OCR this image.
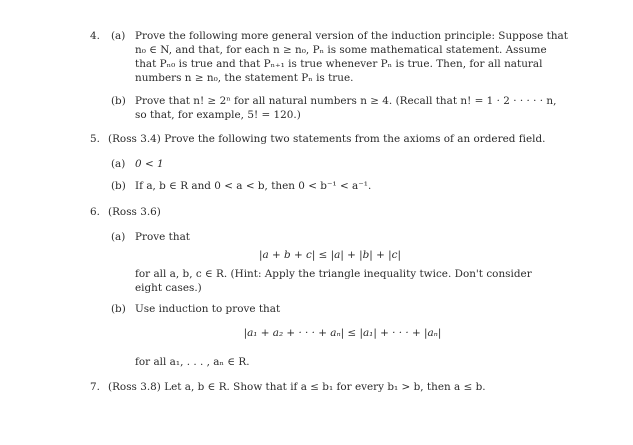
4. (a) Prove the following more general version of the induction principle: Suppose that
n₀ ∈ N, and that, for each n ≥ n₀, Pₙ is some mathematical statement. Assume
that Pₙ₀ is true and that Pₙ₊₁ is true whenever Pₙ is true. Then, for all natural
numbers n ≥ n₀, the statement Pₙ is true.
(b) Prove that n! ≥ 2ⁿ for all natural numbers n ≥ 4. (Recall that n! = 1 · 2 · · · · · n,
so that, for example, 5! = 120.)
5. (Ross 3.4) Prove the following two statements from the axioms of an ordered field.
(a) 0 < 1
(b) If a, b ∈ R and 0 < a < b, then 0 < b⁻¹ < a⁻¹.
6. (Ross 3.6)
(a) Prove that
|a + b + c| ≤ |a| + |b| + |c|
for all a, b, c ∈ R. (Hint: Apply the triangle inequality twice. Don't consider
eight cases.)
(b) Use induction to prove that
|a₁ + a₂ + · · · + aₙ| ≤ |a₁| + · · · + |aₙ|
for all a₁, . . . , aₙ ∈ R.
7. (Ross 3.8) Let a, b ∈ R. Show that if a ≤ b₁ for every b₁ > b, then a ≤ b.
